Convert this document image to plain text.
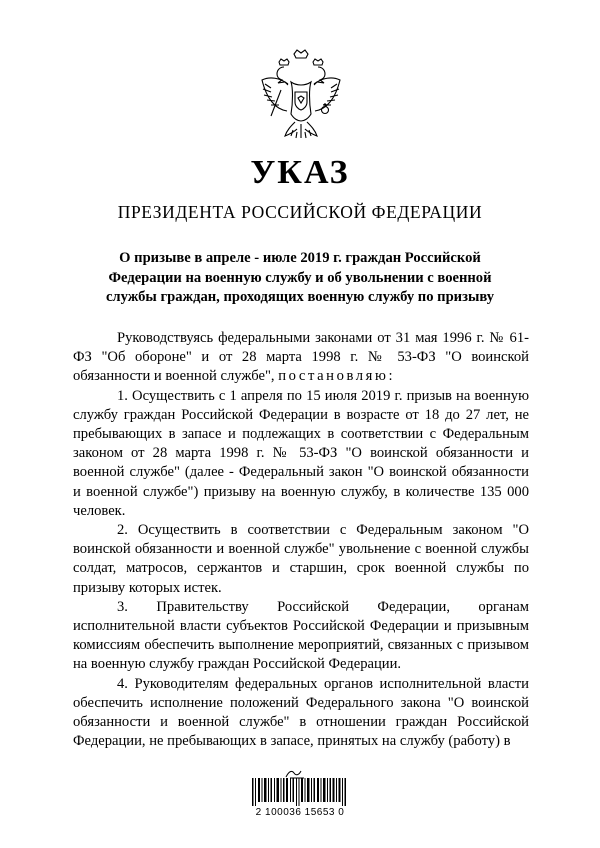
УКАЗ
ПРЕЗИДЕНТА РОССИЙСКОЙ ФЕДЕРАЦИИ
О призыве в апреле - июле 2019 г. граждан Российской
Федерации на военную службу и об увольнении с военной
службы граждан, проходящих военную службу по призыву

Руководствуясь федеральными законами от 31 мая 1996 г. № 61-ФЗ "Об обороне" и от 28 марта 1998 г. № 53-ФЗ "О воинской обязанности и военной службе", постановляю:

1. Осуществить с 1 апреля по 15 июля 2019 г. призыв на военную службу граждан Российской Федерации в возрасте от 18 до 27 лет, не пребывающих в запасе и подлежащих в соответствии с Федеральным законом от 28 марта 1998 г. № 53-ФЗ "О воинской обязанности и военной службе" (далее - Федеральный закон "О воинской обязанности и военной службе") призыву на военную службу, в количестве 135 000 человек.

2. Осуществить в соответствии с Федеральным законом "О воинской обязанности и военной службе" увольнение с военной службы солдат, матросов, сержантов и старшин, срок военной службы по призыву которых истек.

3. Правительству Российской Федерации, органам исполнительной власти субъектов Российской Федерации и призывным комиссиям обеспечить выполнение мероприятий, связанных с призывом на военную службу граждан Российской Федерации.

4. Руководителям федеральных органов исполнительной власти обеспечить исполнение положений Федерального закона "О воинской обязанности и военной службе" в отношении граждан Российской Федерации, не пребывающих в запасе, принятых на службу (работу) в

2 100036 15653 0
